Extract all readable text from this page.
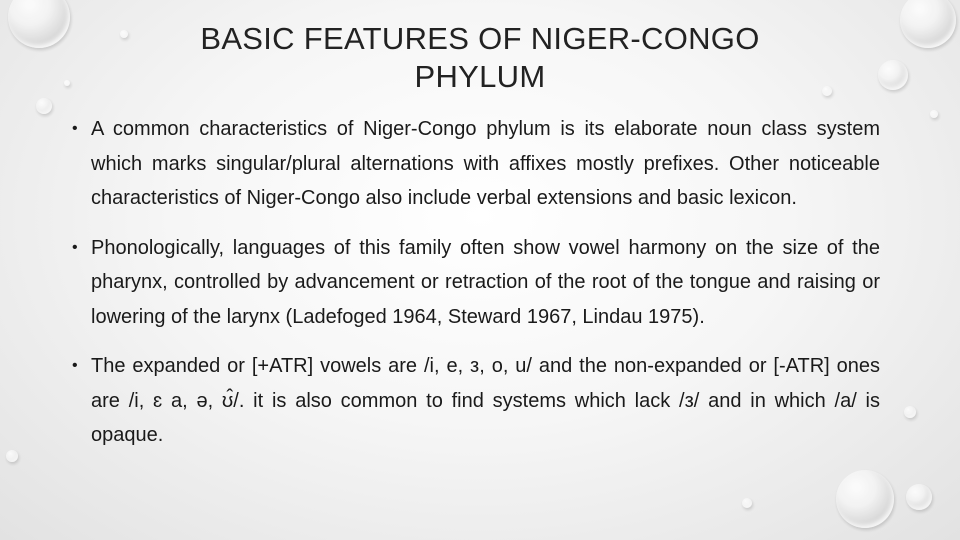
BASIC FEATURES OF NIGER-CONGO
PHYLUM
• A common characteristics of Niger-Congo phylum is its elaborate noun class system which marks singular/plural alternations with affixes mostly prefixes. Other noticeable characteristics of Niger-Congo also include verbal extensions and basic lexicon.
• Phonologically, languages of this family often show vowel harmony on the size of the pharynx, controlled by advancement or retraction of the root of the tongue and raising or lowering of the larynx (Ladefoged 1964, Steward 1967, Lindau 1975).
• The expanded or [+ATR] vowels are /i, e, з, o, u/ and the non-expanded or [-ATR] ones are /i, ɛ a, ə, ʊ̂/. it is also common to find systems which lack /з/ and in which /a/ is opaque.
